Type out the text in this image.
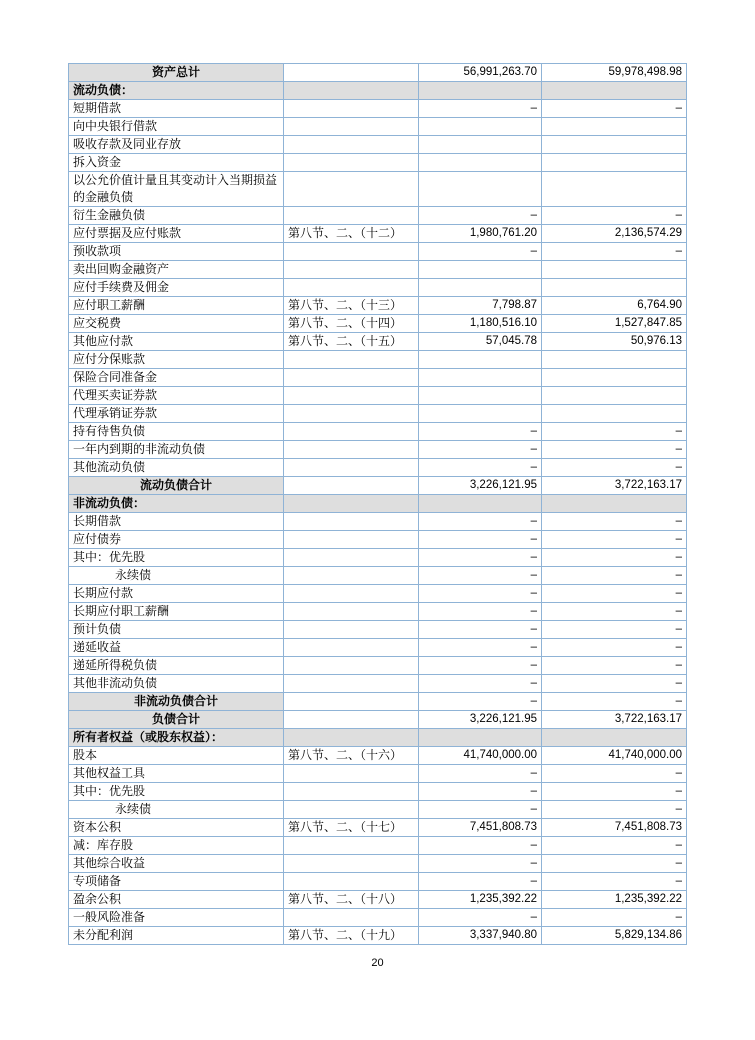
资产总计		56,991,263.70	59,978,498.98
流动负债：			
短期借款		–	–
向中央银行借款			
吸收存款及同业存放			
拆入资金			
以公允价值计量且其变动计入当期损益的金融负债			
衍生金融负债		–	–
应付票据及应付账款	第八节、二、（十二）	1,980,761.20	2,136,574.29
预收款项		–	–
卖出回购金融资产			
应付手续费及佣金			
应付职工薪酬	第八节、二、（十三）	7,798.87	6,764.90
应交税费	第八节、二、（十四）	1,180,516.10	1,527,847.85
其他应付款	第八节、二、（十五）	57,045.78	50,976.13
应付分保账款			
保险合同准备金			
代理买卖证券款			
代理承销证券款			
持有待售负债		–	–
一年内到期的非流动负债		–	–
其他流动负债		–	–
流动负债合计		3,226,121.95	3,722,163.17
非流动负债：			
长期借款		–	–
应付债券		–	–
其中：优先股		–	–
永续债		–	–
长期应付款		–	–
长期应付职工薪酬		–	–
预计负债		–	–
递延收益		–	–
递延所得税负债		–	–
其他非流动负债		–	–
非流动负债合计		–	–
负债合计		3,226,121.95	3,722,163.17
所有者权益（或股东权益）：			
股本	第八节、二、（十六）	41,740,000.00	41,740,000.00
其他权益工具		–	–
其中：优先股		–	–
永续债		–	–
资本公积	第八节、二、（十七）	7,451,808.73	7,451,808.73
减：库存股		–	–
其他综合收益		–	–
专项储备		–	–
盈余公积	第八节、二、（十八）	1,235,392.22	1,235,392.22
一般风险准备		–	–
未分配利润	第八节、二、（十九）	3,337,940.80	5,829,134.86
20
